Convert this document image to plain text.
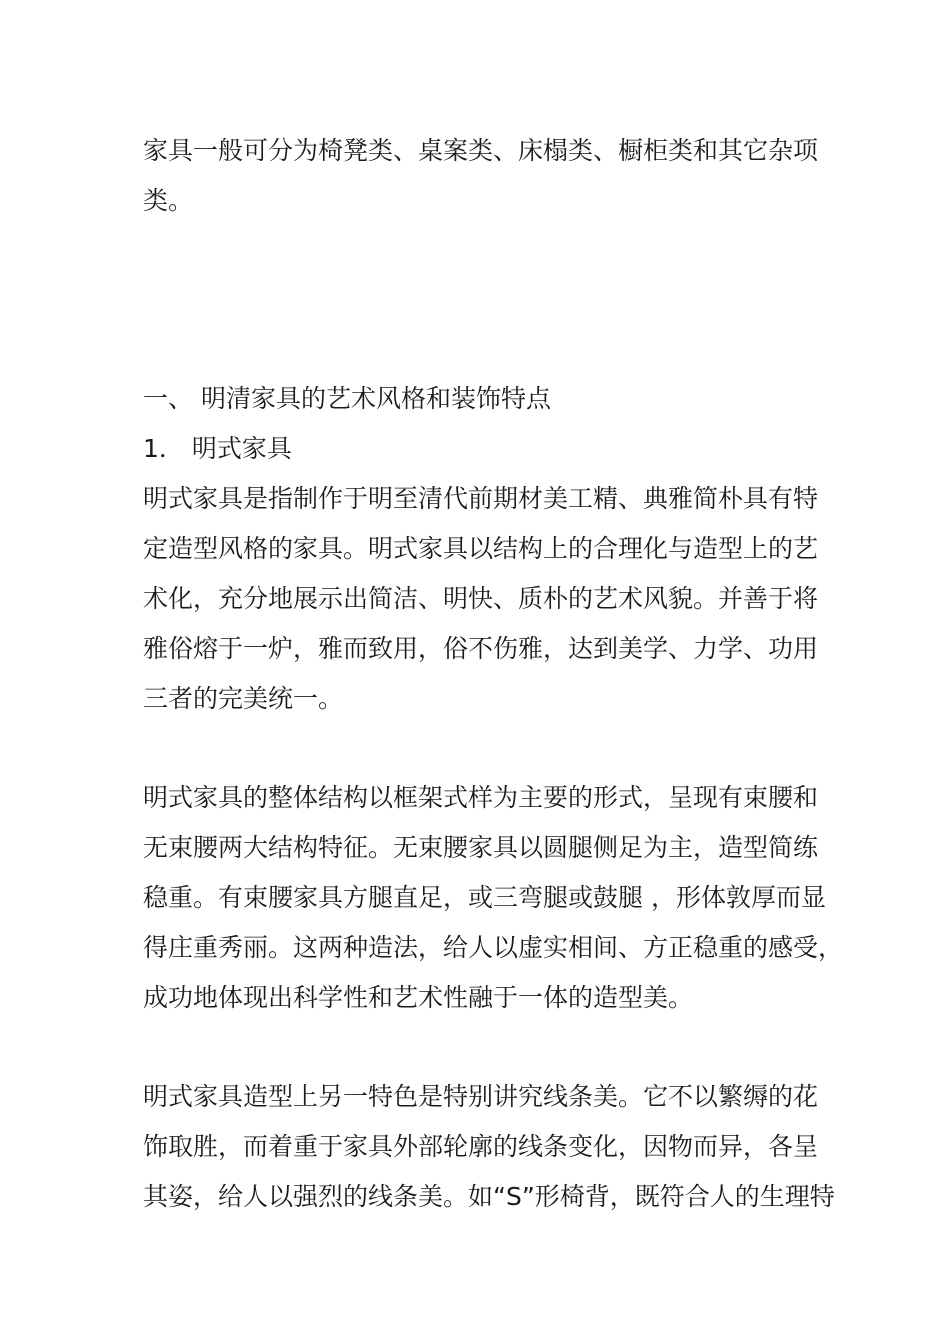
家具一般可分为椅凳类、桌案类、床榻类、橱柜类和其它杂项
类。
一、 明清家具的艺术风格和装饰特点
1． 明式家具
明式家具是指制作于明至清代前期材美工精、典雅简朴具有特
定造型风格的家具。明式家具以结构上的合理化与造型上的艺
术化，充分地展示出简洁、明快、质朴的艺术风貌。并善于将
雅俗熔于一炉，雅而致用，俗不伤雅，达到美学、力学、功用
三者的完美统一。
明式家具的整体结构以框架式样为主要的形式，呈现有束腰和
无束腰两大结构特征。无束腰家具以圆腿侧足为主，造型简练
稳重。有束腰家具方腿直足，或三弯腿或鼓腿 ，形体敦厚而显
得庄重秀丽。这两种造法，给人以虚实相间、方正稳重的感受，
成功地体现出科学性和艺术性融于一体的造型美。
明式家具造型上另一特色是特别讲究线条美。它不以繁缛的花
饰取胜，而着重于家具外部轮廓的线条变化，因物而异，各呈
其姿，给人以强烈的线条美。如“S”形椅背，既符合人的生理特
